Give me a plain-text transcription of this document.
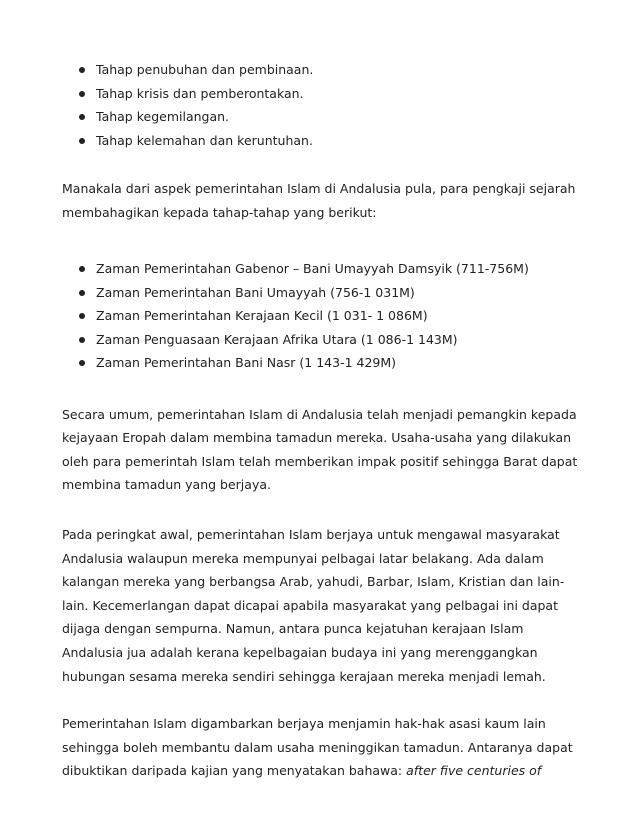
Tahap penubuhan dan pembinaan.
Tahap krisis dan pemberontakan.
Tahap kegemilangan.
Tahap kelemahan dan keruntuhan.

Manakala dari aspek pemerintahan Islam di Andalusia pula, para pengkaji sejarah
membahagikan kepada tahap-tahap yang berikut:

Zaman Pemerintahan Gabenor – Bani Umayyah Damsyik (711-756M)
Zaman Pemerintahan Bani Umayyah (756-1 031M)
Zaman Pemerintahan Kerajaan Kecil (1 031- 1 086M)
Zaman Penguasaan Kerajaan Afrika Utara (1 086-1 143M)
Zaman Pemerintahan Bani Nasr (1 143-1 429M)

Secara umum, pemerintahan Islam di Andalusia telah menjadi pemangkin kepada
kejayaan Eropah dalam membina tamadun mereka. Usaha-usaha yang dilakukan
oleh para pemerintah Islam telah memberikan impak positif sehingga Barat dapat
membina tamadun yang berjaya.

Pada peringkat awal, pemerintahan Islam berjaya untuk mengawal masyarakat
Andalusia walaupun mereka mempunyai pelbagai latar belakang. Ada dalam
kalangan mereka yang berbangsa Arab, yahudi, Barbar, Islam, Kristian dan lain-
lain. Kecemerlangan dapat dicapai apabila masyarakat yang pelbagai ini dapat
dijaga dengan sempurna. Namun, antara punca kejatuhan kerajaan Islam
Andalusia jua adalah kerana kepelbagaian budaya ini yang merenggangkan
hubungan sesama mereka sendiri sehingga kerajaan mereka menjadi lemah.

Pemerintahan Islam digambarkan berjaya menjamin hak-hak asasi kaum lain
sehingga boleh membantu dalam usaha meninggikan tamadun. Antaranya dapat
dibuktikan daripada kajian yang menyatakan bahawa: after five centuries of
